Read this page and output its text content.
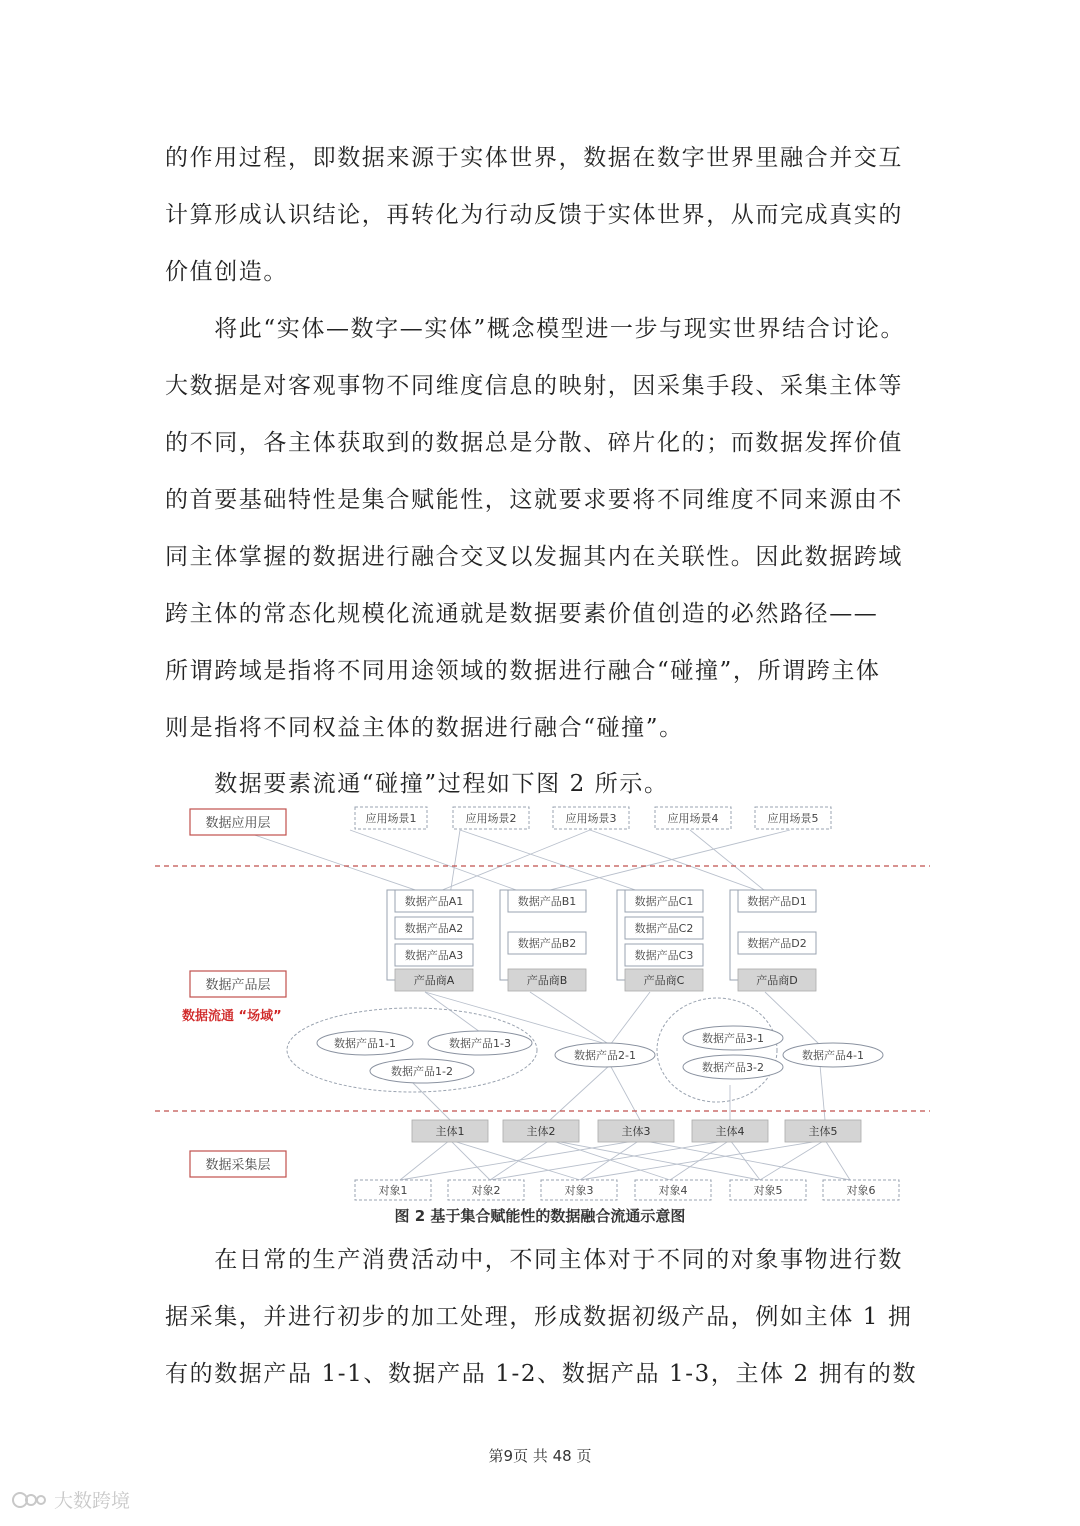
的作用过程，即数据来源于实体世界，数据在数字世界里融合并交互
计算形成认识结论，再转化为行动反馈于实体世界，从而完成真实的
价值创造。
　　将此“实体—数字—实体”概念模型进一步与现实世界结合讨论。
大数据是对客观事物不同维度信息的映射，因采集手段、采集主体等
的不同，各主体获取到的数据总是分散、碎片化的；而数据发挥价值
的首要基础特性是集合赋能性，这就要求要将不同维度不同来源由不
同主体掌握的数据进行融合交叉以发掘其内在关联性。因此数据跨域
跨主体的常态化规模化流通就是数据要素价值创造的必然路径——
所谓跨域是指将不同用途领域的数据进行融合“碰撞”，所谓跨主体
则是指将不同权益主体的数据进行融合“碰撞”。
　　数据要素流通“碰撞”过程如下图 2 所示。
数据应用层
数据产品层
数据流通 “场域”
数据采集层
应用场景1	应用场景2	应用场景3	应用场景4	应用场景5
数据产品A1
数据产品A2
数据产品A3
数据产品B1
数据产品B2
数据产品C1
数据产品C2
数据产品C3
数据产品D1
数据产品D2
产品商A	产品商B	产品商C	产品商D
数据产品1-1	数据产品1-3
数据产品1-2
数据产品2-1
数据产品3-1
数据产品3-2
数据产品4-1
主体1	主体2	主体3	主体4	主体5
对象1	对象2	对象3	对象4	对象5	对象6
图 2 基于集合赋能性的数据融合流通示意图
　　在日常的生产消费活动中，不同主体对于不同的对象事物进行数
据采集，并进行初步的加工处理，形成数据初级产品，例如主体 1 拥
有的数据产品 1-1、数据产品 1-2、数据产品 1-3，主体 2 拥有的数
第9页 共 48 页
大数跨境
